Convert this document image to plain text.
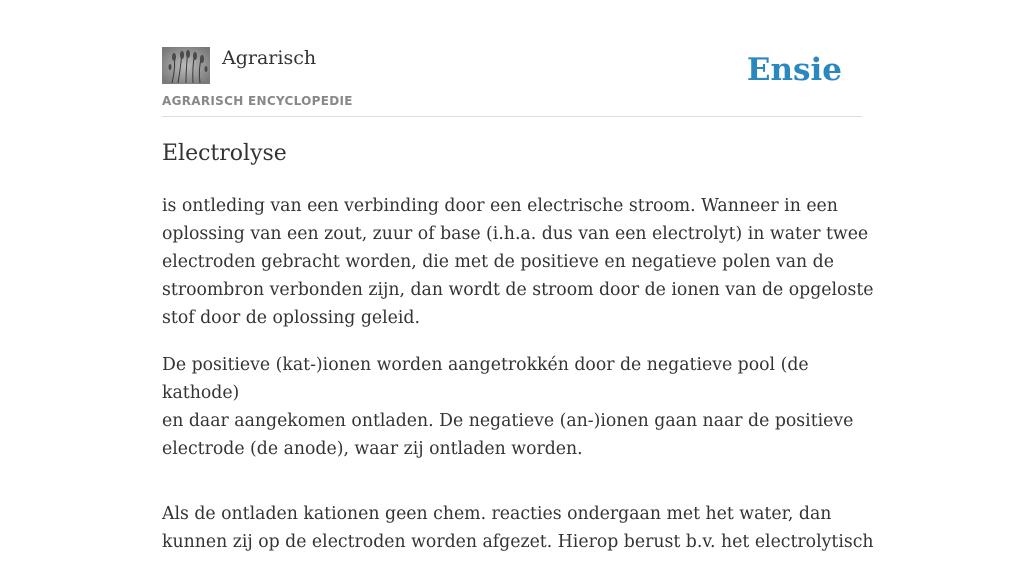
Agrarisch
AGRARISCH ENCYCLOPEDIE
Ensie
Electrolyse

is ontleding van een verbinding door een electrische stroom. Wanneer in een
oplossing van een zout, zuur of base (i.h.a. dus van een electrolyt) in water twee
electroden gebracht worden, die met de positieve en negatieve polen van de
stroombron verbonden zijn, dan wordt de stroom door de ionen van de opgeloste
stof door de oplossing geleid.

De positieve (kat-)ionen worden aangetrokkén door de negatieve pool (de kathode)
en daar aangekomen ontladen. De negatieve (an-)ionen gaan naar de positieve
electrode (de anode), waar zij ontladen worden.

Als de ontladen kationen geen chem. reacties ondergaan met het water, dan
kunnen zij op de electroden worden afgezet. Hierop berust b.v. het electrolytisch
